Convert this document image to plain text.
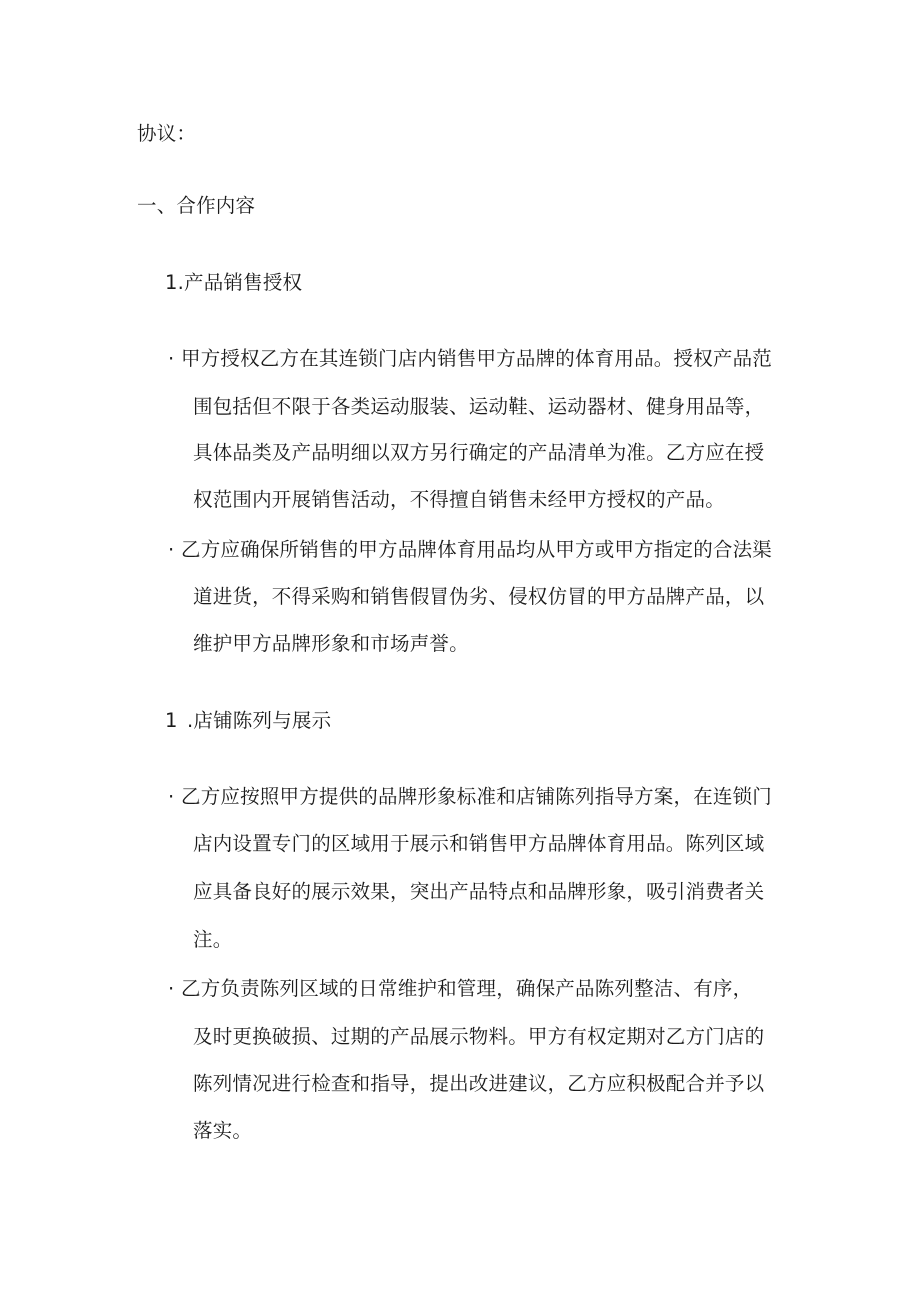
协议：
一、合作内容
1.产品销售授权
· 甲方授权乙方在其连锁门店内销售甲方品牌的体育用品。授权产品范
围包括但不限于各类运动服装、运动鞋、运动器材、健身用品等，
具体品类及产品明细以双方另行确定的产品清单为准。乙方应在授
权范围内开展销售活动，不得擅自销售未经甲方授权的产品。
· 乙方应确保所销售的甲方品牌体育用品均从甲方或甲方指定的合法渠
道进货，不得采购和销售假冒伪劣、侵权仿冒的甲方品牌产品，以
维护甲方品牌形象和市场声誉。
1 .店铺陈列与展示
· 乙方应按照甲方提供的品牌形象标准和店铺陈列指导方案，在连锁门
店内设置专门的区域用于展示和销售甲方品牌体育用品。陈列区域
应具备良好的展示效果，突出产品特点和品牌形象，吸引消费者关
注。
· 乙方负责陈列区域的日常维护和管理，确保产品陈列整洁、有序，
及时更换破损、过期的产品展示物料。甲方有权定期对乙方门店的
陈列情况进行检查和指导，提出改进建议，乙方应积极配合并予以
落实。
